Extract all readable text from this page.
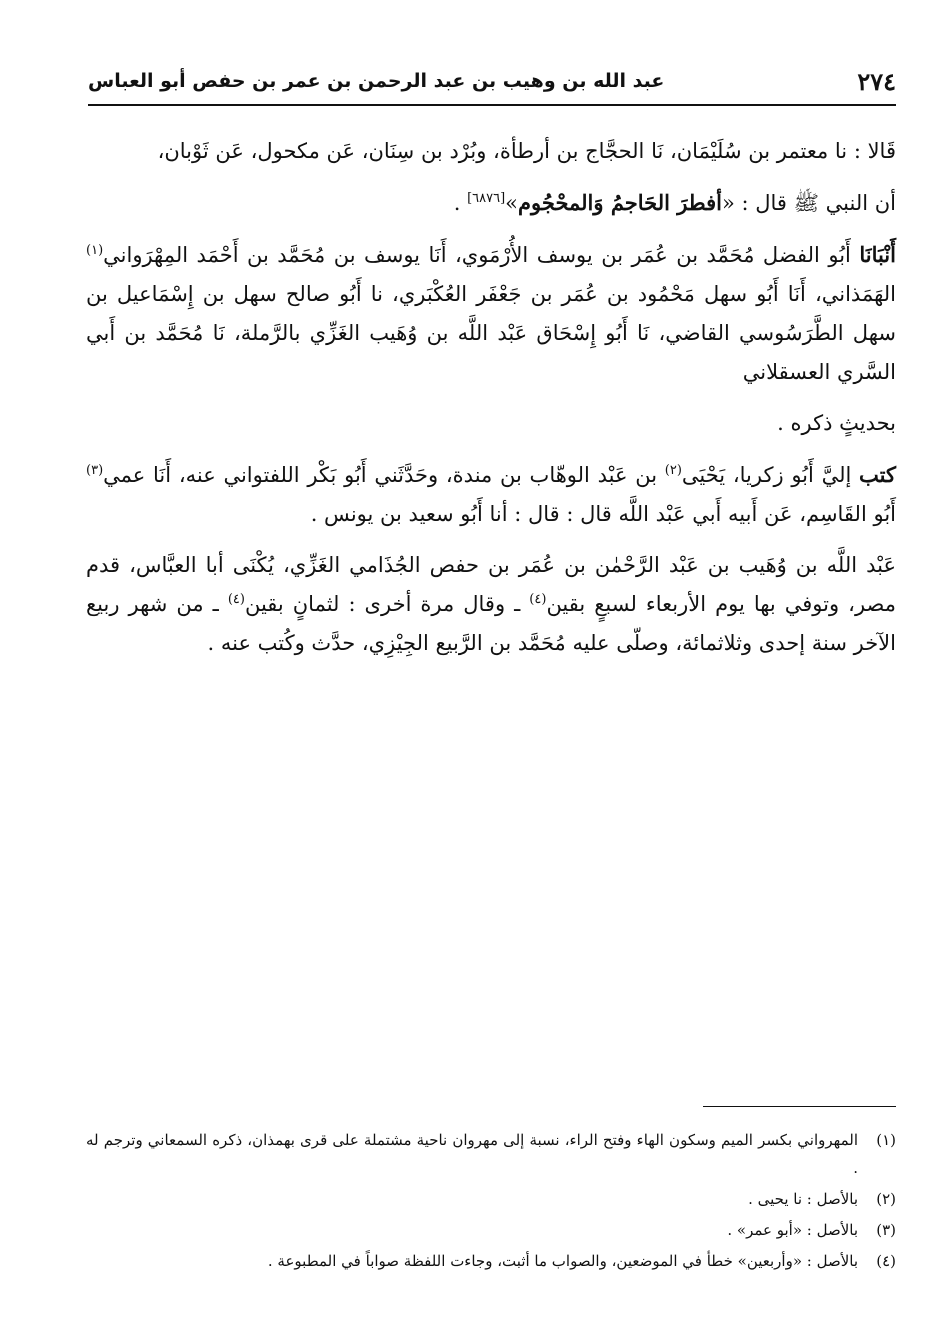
٢٧٤
عبد الله بن وهيب بن عبد الرحمن بن عمر بن حفص أبو العباس

قَالا : نا معتمر بن سُلَيْمَان، نَا الحجَّاج بن أرطأة، وبُرْد بن سِنَان، عَن مكحول، عَن ثَوْبان،

أن النبي ﷺ قال : «أفطرَ الحَاجمُ وَالمحْجُوم»[٦٨٧٦] .

أَنْبَانَا أَبُو الفضل مُحَمَّد بن عُمَر بن يوسف الأُرْمَوي، أَنَا يوسف بن مُحَمَّد بن أَحْمَد المِهْرَواني$^{(١)}$ الهَمَذاني، أَنَا أَبُو سهل مَحْمُود بن عُمَر بن جَعْفَر العُكْبَري، نا أَبُو صالح سهل بن إِسْمَاعيل بن سهل الطَّرَسُوسي القاضي، نَا أَبُو إِسْحَاق عَبْد اللَّه بن وُهَيب الغَزِّي بالرَّملة، نَا مُحَمَّد بن أَبي السَّري العسقلاني

بحديثٍ ذكره .

كتب إليَّ أَبُو زكريا، يَحْيَى$^{(٢)}$ بن عَبْد الوهّاب بن مندة، وحَدَّثَني أَبُو بَكْر اللفتواني عنه، أَنَا عمي$^{(٣)}$ أَبُو القَاسِم، عَن أَبيه أَبي عَبْد اللَّه قال : قال : أنا أَبُو سعيد بن يونس .

عَبْد اللَّه بن وُهَيب بن عَبْد الرَّحْمٰن بن عُمَر بن حفص الجُذَامي الغَزِّي، يُكْنَى أبا العبَّاس، قدم مصر، وتوفي بها يوم الأربعاء لسبعٍ بقين$^{(٤)}$ ـ وقال مرة أخرى : لثمانٍ بقين$^{(٤)}$ ـ من شهر ربيع الآخر سنة إحدى وثلاثمائة، وصلّى عليه مُحَمَّد بن الرَّبيع الجِيْزِي، حدَّث وكُتب عنه .

(١)
المهرواني بكسر الميم وسكون الهاء وفتح الراء، نسبة إلى مهروان ناحية مشتملة على قرى بهمذان، ذكره السمعاني وترجم له .
(٢)
بالأصل : نا يحيى .
(٣)
بالأصل : «أبو عمر» .
(٤)
بالأصل : «وأربعين» خطأ في الموضعين، والصواب ما أثبت، وجاءت اللفظة صواباً في المطبوعة .
